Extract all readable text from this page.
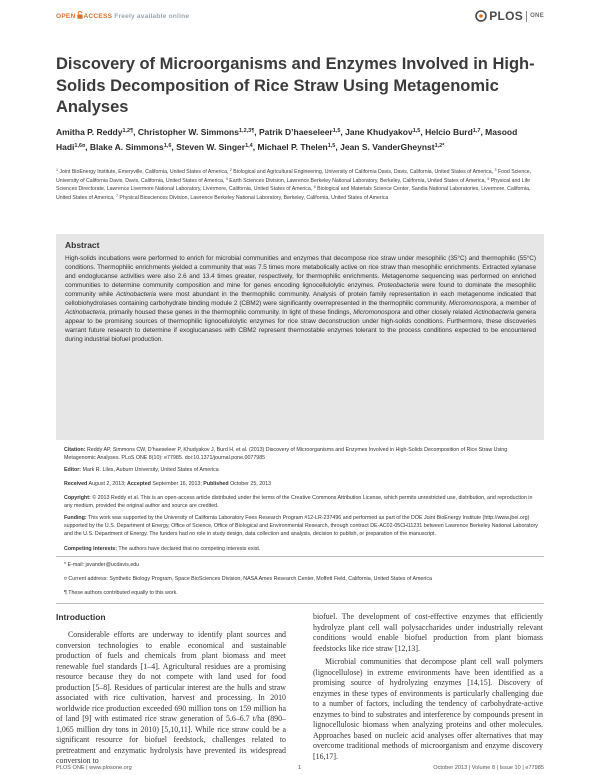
OPEN ACCESS Freely available online	PLOS ONE
Discovery of Microorganisms and Enzymes Involved in High-Solids Decomposition of Rice Straw Using Metagenomic Analyses

Amitha P. Reddy$^{1,2\P}$, Christopher W. Simmons$^{1,2,3\P}$, Patrik D’haeseleer$^{1,5}$, Jane Khudyakov$^{1,5}$, Helcio Burd$^{1,7}$, Masood Hadi$^{1,6¤}$, Blake A. Simmons$^{1,6}$, Steven W. Singer$^{1,4}$, Michael P. Thelen$^{1,5}$, Jean S. VanderGheynst$^{1,2*}$

$^1$ Joint BioEnergy Institute, Emeryville, California, United States of America, $^2$ Biological and Agricultural Engineering, University of California Davis, Davis, California, United States of America, $^3$ Food Science, University of California Davis, Davis, California, United States of America, $^4$ Earth Sciences Division, Lawrence Berkeley National Laboratory, Berkeley, California, United States of America, $^5$ Physical and Life Sciences Directorate, Lawrence Livermore National Laboratory, Livermore, California, United States of America, $^6$ Biological and Materials Science Center, Sandia National Laboratories, Livermore, California, United States of America, $^7$ Physical Biosciences Division, Lawrence Berkeley National Laboratory, Berkeley, California, United States of America

Abstract

High-solids incubations were performed to enrich for microbial communities and enzymes that decompose rice straw under mesophilic (35°C) and thermophilic (55°C) conditions. Thermophilic enrichments yielded a community that was 7.5 times more metabolically active on rice straw than mesophilic enrichments. Extracted xylanase and endoglucanse activities were also 2.6 and 13.4 times greater, respectively, for thermophilic enrichments. Metagenome sequencing was performed on enriched communities to determine community composition and mine for genes encoding lignocellulolytic enzymes. Proteobacteria were found to dominate the mesophilic community while Actinobacteria were most abundant in the thermophilic community. Analysis of protein family representation in each metagenome indicated that cellobiohydrolases containing carbohydrate binding module 2 (CBM2) were significantly overrepresented in the thermophilic community. Micromonospora, a member of Actinobacteria, primarily housed these genes in the thermophilic community. In light of these findings, Micromonospora and other closely related Actinobacteria genera appear to be promising sources of thermophilic lignocellulolytic enzymes for rice straw deconstruction under high-solids conditions. Furthermore, these discoveries warrant future research to determine if exoglucanases with CBM2 represent thermostable enzymes tolerant to the process conditions expected to be encountered during industrial biofuel production.

Citation: Reddy AP, Simmons CW, D’haeseleer P, Khudyakov J, Burd H, et al. (2013) Discovery of Microorganisms and Enzymes Involved in High-Solids Decomposition of Rice Straw Using Metagenomic Analyses. PLoS ONE 8(10): e77985. doi:10.1371/journal.pone.0077985

Editor: Mark R. Liles, Auburn University, United States of America

Received August 2, 2013; Accepted September 16, 2013; Published October 25, 2013

Copyright: © 2013 Reddy et al. This is an open-access article distributed under the terms of the Creative Commons Attribution License, which permits unrestricted use, distribution, and reproduction in any medium, provided the original author and source are credited.

Funding: This work was supported by the University of California Laboratory Fees Research Program #12-LR-237496 and performed as part of the DOE Joint BioEnergy Institute (http://www.jbei.org) supported by the U.S. Department of Energy, Office of Science, Office of Biological and Environmental Research, through contract DE-AC02-05CH11231 between Lawrence Berkeley National Laboratory and the U.S. Department of Energy. The funders had no role in study design, data collection and analysis, decision to publish, or preparation of the manuscript.

Competing Interests: The authors have declared that no competing interests exist.

* E-mail: jsvander@ucdavis.edu

¤ Current address: Synthetic Biology Program, Space BioSciences Division, NASA Ames Research Center, Moffett Field, California, United States of America

¶ These authors contributed equally to this work.

Introduction

Considerable efforts are underway to identify plant sources and conversion technologies to enable economical and sustainable production of fuels and chemicals from plant biomass and meet renewable fuel standards [1–4]. Agricultural residues are a promising resource because they do not compete with land used for food production [5–8]. Residues of particular interest are the hulls and straw associated with rice cultivation, harvest and processing. In 2010 worldwide rice production exceeded 690 million tons on 159 million ha of land [9] with estimated rice straw generation of 5.6–6.7 t/ha (890–1,065 million dry tons in 2010) [5,10,11]. While rice straw could be a significant resource for biofuel feedstock, challenges related to pretreatment and enzymatic hydrolysis have prevented its widespread conversion to

biofuel. The development of cost-effective enzymes that efficiently hydrolyze plant cell wall polysaccharides under industrially relevant conditions would enable biofuel production from plant biomass feedstocks like rice straw [12,13].

Microbial communities that decompose plant cell wall polymers (lignocellulose) in extreme environments have been identified as a promising source of hydrolyzing enzymes [14,15]. Discovery of enzymes in these types of environments is particularly challenging due to a number of factors, including the tendency of carbohydrate-active enzymes to bind to substrates and interference by compounds present in lignocellulosic biomass when analyzing proteins and other molecules. Approaches based on nucleic acid analyses offer alternatives that may overcome traditional methods of microorganism and enzyme discovery [16,17].

PLOS ONE | www.plosone.org	1	October 2013 | Volume 8 | Issue 10 | e77985
